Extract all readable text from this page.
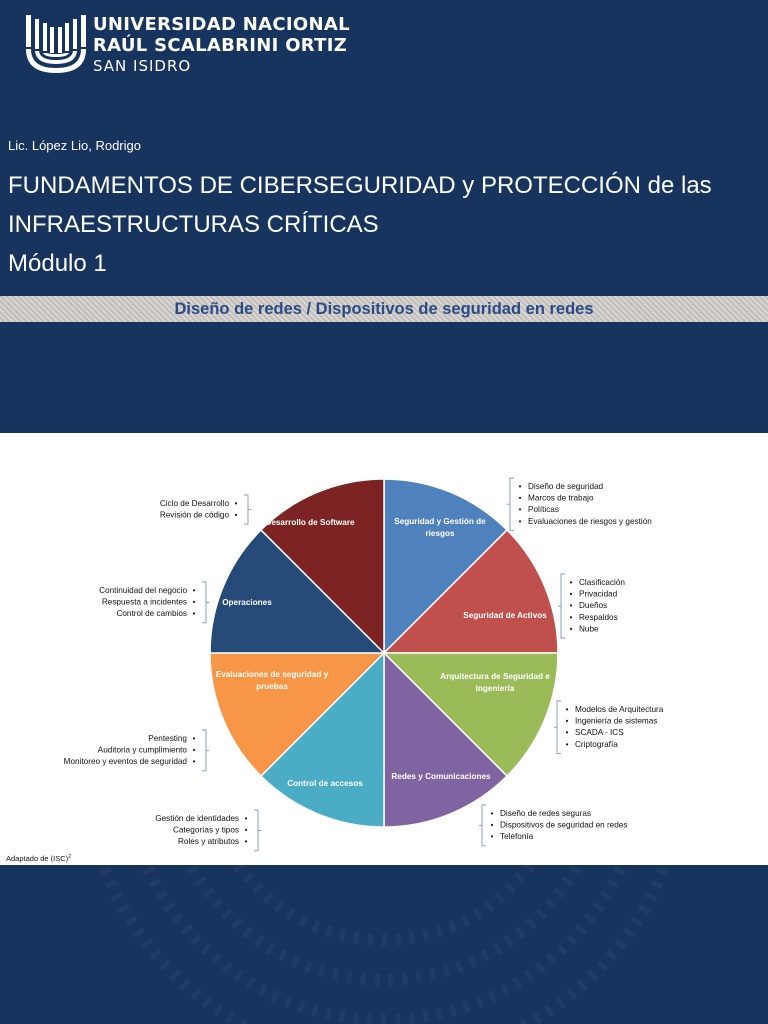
UNIVERSIDAD NACIONAL
RAÚL SCALABRINI ORTIZ
SAN ISIDRO
Lic. López Lio, Rodrigo
FUNDAMENTOS DE CIBERSEGURIDAD y PROTECCIÓN de las
INFRAESTRUCTURAS CRÍTICAS
Módulo 1
Diseño de redes / Dispositivos de seguridad en redes
Seguridad y Gestión de riesgos
Seguridad de Activos
Arquitectura de Seguridad e ingeniería
Redes y Comunicaciones
Control de accesos
Evaluaciones de seguridad y pruebas
Operaciones
Desarrollo de Software
Ciclo de Desarrollo •
Revisión de código •
• Diseño de seguridad
• Marcos de trabajo
• Políticas
• Evaluaciones de riesgos y gestión
Continuidad del negocio •
Respuesta a incidentes •
Control de cambios •
• Clasificación
• Privacidad
• Dueños
• Respaldos
• Nube
• Modelos de Arquitectura
• Ingeniería de sistemas
• SCADA - ICS
• Criptografía
Pentesting •
Auditoria y cumplimiento •
Monitoreo y eventos de seguridad •
Gestión de identidades •
Categorías y tipos •
Roles y atributos •
• Diseño de redes seguras
• Dispositivos de seguridad en redes
• Telefonía
Adaptado de (ISC)$^2$
